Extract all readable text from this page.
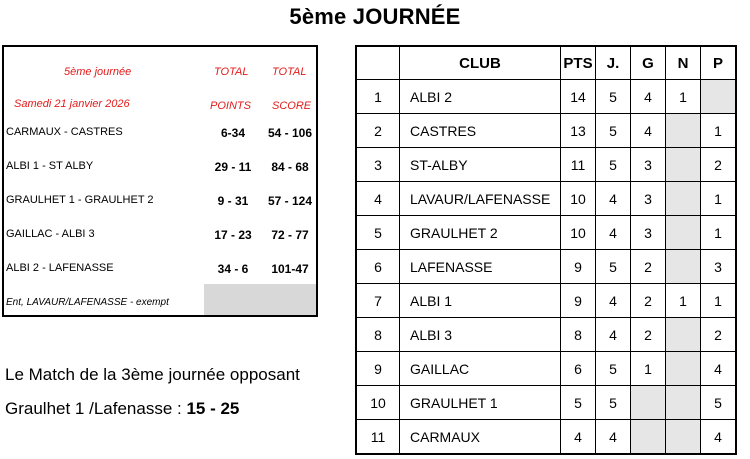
5ème JOURNÉE
5ème journée	TOTAL TOTAL
Samedi 21 janvier 2026	POINTS SCORE
CARMAUX - CASTRES	6-34	54 - 106
ALBI 1 - ST ALBY	29 - 11	84 - 68
GRAULHET 1 - GRAULHET 2	9 - 31	57 - 124
GAILLAC - ALBI 3	17 - 23	72 - 77
ALBI 2 - LAFENASSE	34 - 6	101-47
Ent, LAVAUR/LAFENASSE - exempt
Le Match de la 3ème journée opposant
Graulhet 1 /Lafenasse : 15 - 25
	CLUB	PTS	J.	G	N	P
1	ALBI 2	14	5	4	1	
2	CASTRES	13	5	4		1
3	ST-ALBY	11	5	3		2
4	LAVAUR/LAFENASSE	10	4	3		1
5	GRAULHET 2	10	4	3		1
6	LAFENASSE	9	5	2		3
7	ALBI 1	9	4	2	1	1
8	ALBI 3	8	4	2		2
9	GAILLAC	6	5	1		4
10	GRAULHET 1	5	5			5
11	CARMAUX	4	4			4
